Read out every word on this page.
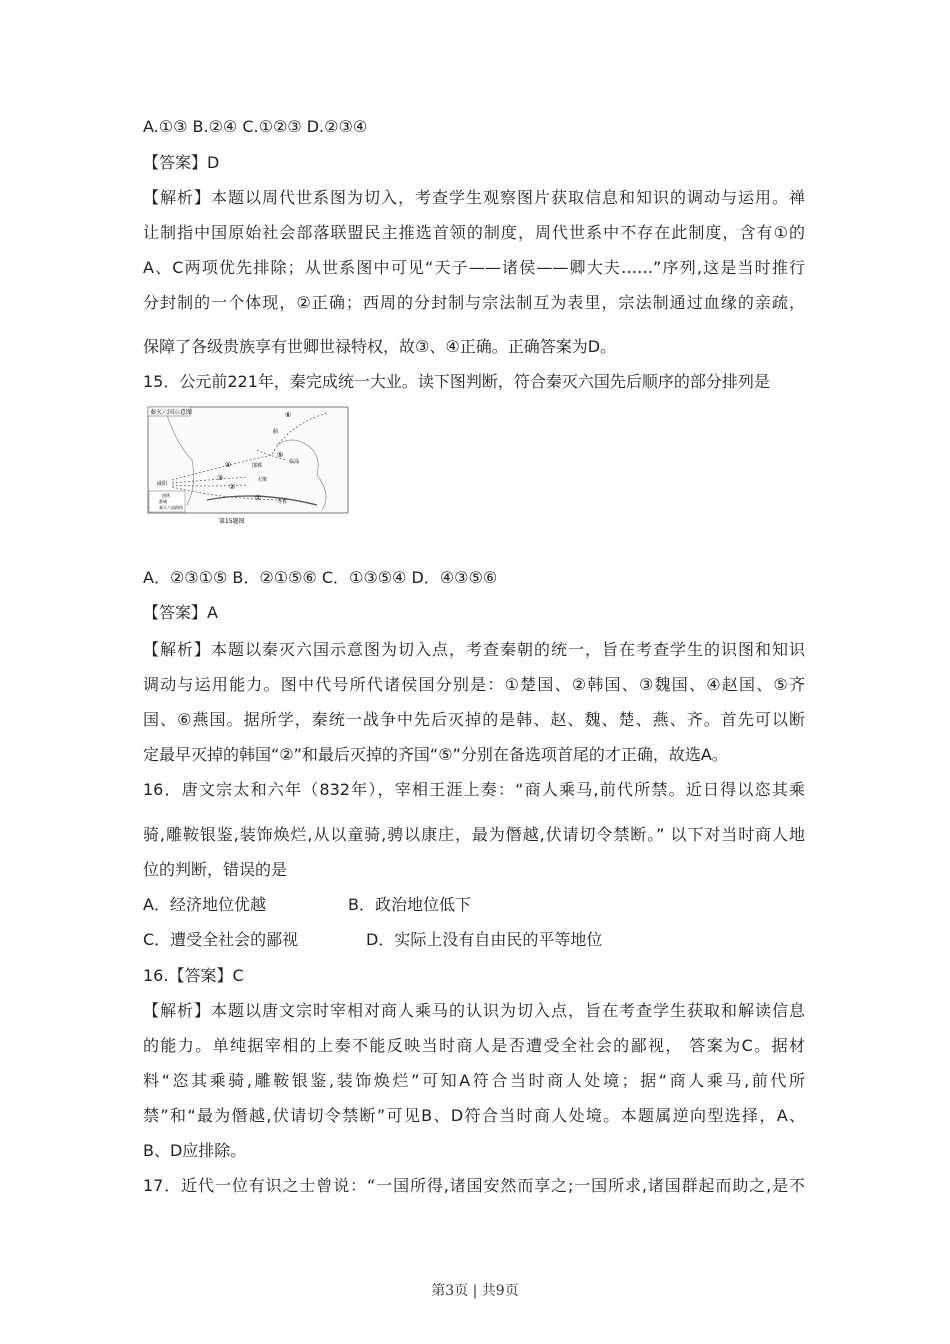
A.①③ B.②④ C.①②③ D.②③④
【答案】D
【解析】本题以周代世系图为切入，考查学生观察图片获取信息和知识的调动与运用。禅
让制指中国原始社会部落联盟民主推选首领的制度，周代世系中不存在此制度，含有①的
A、C两项优先排除；从世系图中可见“天子——诸侯——卿大夫……”序列,这是当时推行
分封制的一个体现，②正确；西周的分封制与宗法制互为表里，宗法制通过血缘的亲疏，
保障了各级贵族享有世卿世禄特权，故③、④正确。正确答案为D。
15．公元前221年，秦完成统一大业。读下图判断，符合秦灭六国先后顺序的部分排列是
秦灭六国示意图
咸阳
邯郸
大梁
临淄
寿春
蓟
①
②
③
④
⑤
⑥
图例
都城
秦灭六国路线
第15题图
A．②③①⑤ B．②①⑤⑥ C．①③⑤④ D．④③⑤⑥
【答案】A
【解析】本题以秦灭六国示意图为切入点，考查秦朝的统一，旨在考查学生的识图和知识
调动与运用能力。图中代号所代诸侯国分别是：①楚国、②韩国、③魏国、④赵国、⑤齐
国、⑥燕国。据所学，秦统一战争中先后灭掉的是韩、赵、魏、楚、燕、齐。首先可以断
定最早灭掉的韩国“②”和最后灭掉的齐国“⑤”分别在备选项首尾的才正确，故选A。
16．唐文宗太和六年（832年），宰相王涯上奏：“商人乘马,前代所禁。近日得以恣其乘
骑,雕鞍银鉴,装饰焕烂,从以童骑,骋以康庄，最为僭越,伏请切令禁断。” 以下对当时商人地
位的判断，错误的是
A．经济地位优越	B．政治地位低下
C．遭受全社会的鄙视	D．实际上没有自由民的平等地位
16.【答案】C
【解析】本题以唐文宗时宰相对商人乘马的认识为切入点，旨在考查学生获取和解读信息
的能力。单纯据宰相的上奏不能反映当时商人是否遭受全社会的鄙视， 答案为C。据材
料“恣其乘骑,雕鞍银鉴,装饰焕烂”可知A符合当时商人处境；据“商人乘马,前代所
禁”和“最为僭越,伏请切令禁断”可见B、D符合当时商人处境。本题属逆向型选择，A、
B、D应排除。
17．近代一位有识之士曾说：“一国所得,诸国安然而享之;一国所求,诸国群起而助之,是不
第3页 | 共9页
